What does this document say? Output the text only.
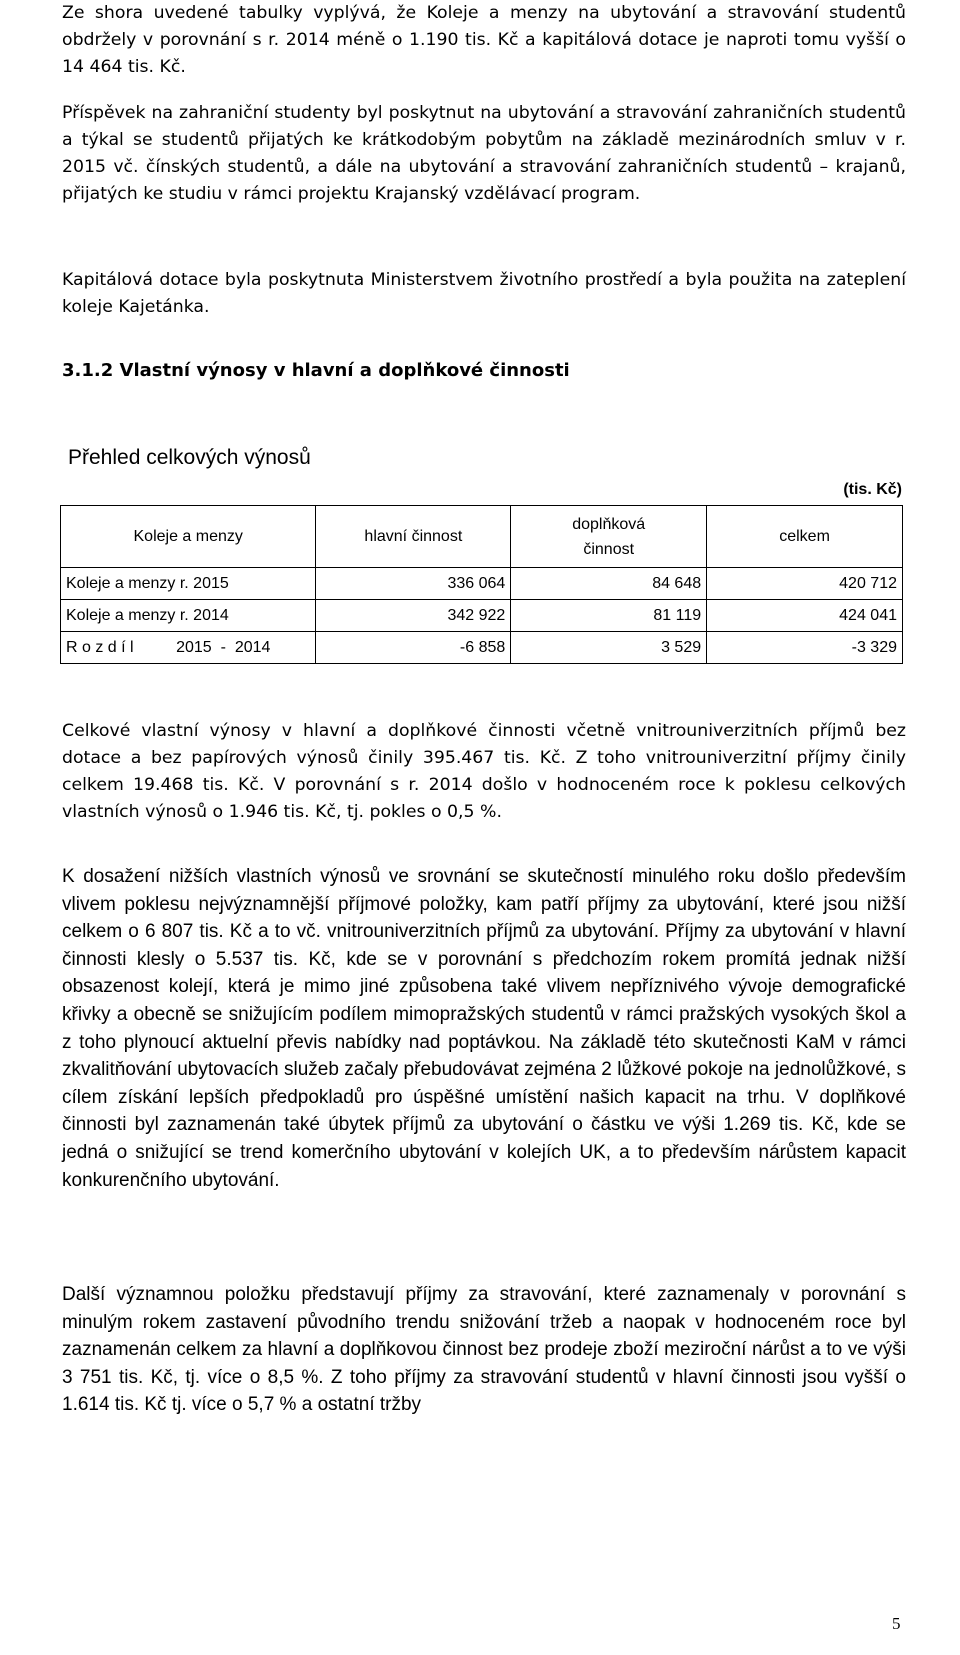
Ze shora uvedené tabulky vyplývá, že Koleje a menzy na ubytování a stravování studentů obdržely v porovnání s r. 2014 méně o 1.190 tis. Kč a kapitálová dotace je naproti tomu vyšší o 14 464 tis. Kč.

Příspěvek na zahraniční studenty byl poskytnut na ubytování a stravování zahraničních studentů a týkal se studentů přijatých ke krátkodobým pobytům na základě mezinárodních smluv v r. 2015 vč. čínských studentů, a dále na ubytování a stravování zahraničních studentů – krajanů, přijatých ke studiu v rámci projektu Krajanský vzdělávací program.

Kapitálová dotace byla poskytnuta Ministerstvem životního prostředí a byla použita na zateplení koleje Kajetánka.

3.1.2 Vlastní výnosy v hlavní a doplňkové činnosti
Přehled celkových výnosů
(tis. Kč)
Koleje a menzy	hlavní činnost	doplňková činnost	celkem
Koleje a menzy r. 2015	336 064	84 648	420 712
Koleje a menzy r. 2014	342 922	81 119	424 041

R o z d í l 2015  -  2014	-6 858	3 529	-3 329

Celkové vlastní výnosy v hlavní a doplňkové činnosti včetně vnitrouniverzitních příjmů bez dotace a bez papírových výnosů činily 395.467 tis. Kč. Z toho vnitrouniverzitní příjmy činily celkem 19.468 tis. Kč. V porovnání s r. 2014 došlo v hodnoceném roce k poklesu celkových vlastních výnosů o 1.946 tis. Kč, tj. pokles o 0,5 %.

K dosažení nižších vlastních výnosů ve srovnání se skutečností minulého roku došlo především vlivem poklesu nejvýznamnější příjmové položky, kam patří příjmy za ubytování, které jsou nižší celkem o 6 807 tis. Kč a to vč. vnitrouniverzitních příjmů za ubytování. Příjmy za ubytování v hlavní činnosti klesly o 5.537 tis. Kč, kde se v porovnání s předchozím rokem promítá jednak nižší obsazenost kolejí, která je mimo jiné způsobena také vlivem nepříznivého vývoje demografické křivky a obecně se snižujícím podílem mimopražských studentů v rámci pražských vysokých škol a z toho plynoucí aktuelní převis nabídky nad poptávkou. Na základě této skutečnosti KaM v rámci zkvalitňování ubytovacích služeb začaly přebudovávat zejména 2 lůžkové pokoje na jednolůžkové, s cílem získání lepších předpokladů pro úspěšné umístění našich kapacit na trhu. V doplňkové činnosti byl zaznamenán také úbytek příjmů za ubytování o částku ve výši 1.269 tis. Kč, kde se jedná o snižující se trend komerčního ubytování v kolejích UK, a to především nárůstem kapacit konkurenčního ubytování.

Další významnou položku představují příjmy za stravování, které zaznamenaly v porovnání s minulým rokem zastavení původního trendu snižování tržeb a naopak v hodnoceném roce byl zaznamenán celkem za hlavní a doplňkovou činnost bez prodeje zboží meziroční nárůst a to ve výši 3 751 tis. Kč, tj. více o 8,5 %. Z toho příjmy za stravování studentů v hlavní činnosti jsou vyšší o 1.614 tis. Kč tj. více o 5,7 % a ostatní tržby

5
